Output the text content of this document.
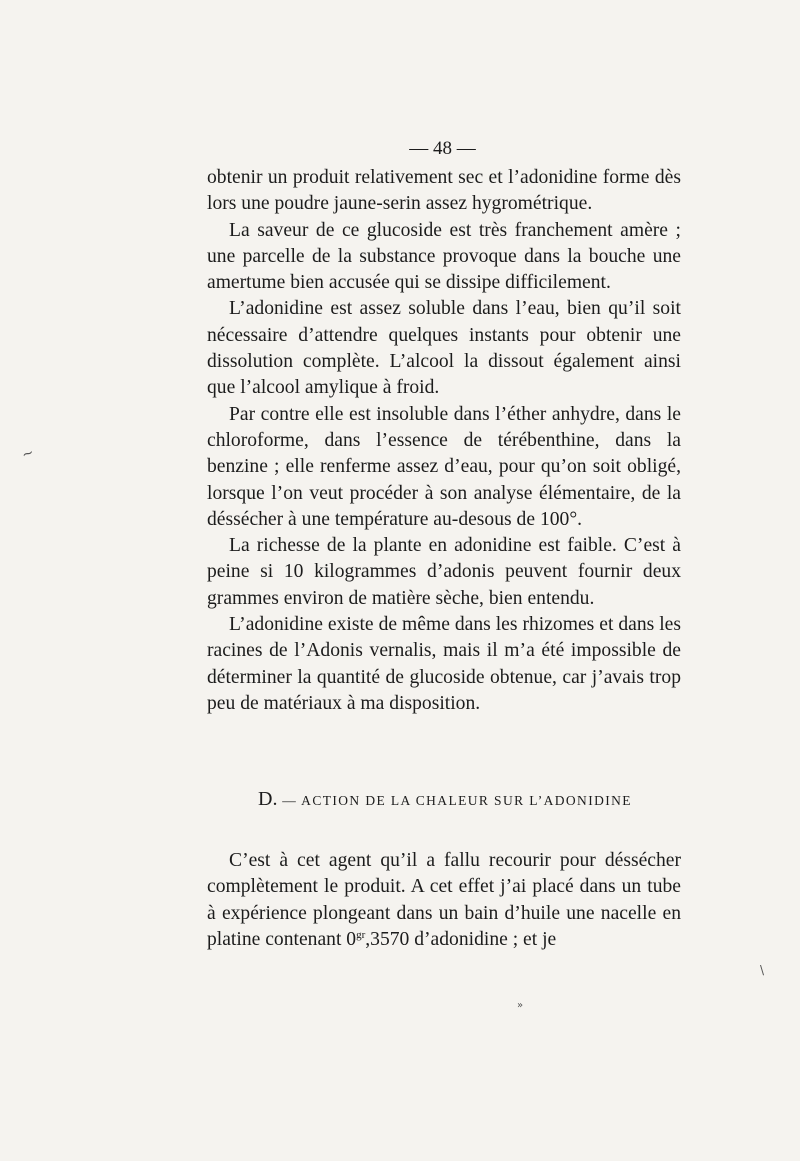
— 48 —

obtenir un produit relativement sec et l’adonidine forme dès lors une poudre jaune-serin assez hygrométrique.

La saveur de ce glucoside est très franchement amère ; une parcelle de la substance provoque dans la bouche une amertume bien accusée qui se dissipe difficilement.

L’adonidine est assez soluble dans l’eau, bien qu’il soit nécessaire d’attendre quelques instants pour obtenir une dissolution complète. L’alcool la dissout également ainsi que l’alcool amylique à froid.

Par contre elle est insoluble dans l’éther anhydre, dans le chloroforme, dans l’essence de térébenthine, dans la benzine ; elle renferme assez d’eau, pour qu’on soit obligé, lorsque l’on veut procéder à son analyse élémentaire, de la déssécher à une température au-desous de 100°.

La richesse de la plante en adonidine est faible. C’est à peine si 10 kilogrammes d’adonis peuvent fournir deux grammes environ de matière sèche, bien entendu.

L’adonidine existe de même dans les rhizomes et dans les racines de l’Adonis vernalis, mais il m’a été impossible de déterminer la quantité de glucoside obtenue, car j’avais trop peu de matériaux à ma disposition.

D. — ACTION DE LA CHALEUR SUR L’ADONIDINE

C’est à cet agent qu’il a fallu recourir pour déssécher complètement le produit. A cet effet j’ai placé dans un tube à expérience plongeant dans un bain d’huile une nacelle en platine contenant $0^{gr},3570$ d’adonidine ; et je

~
\
»
